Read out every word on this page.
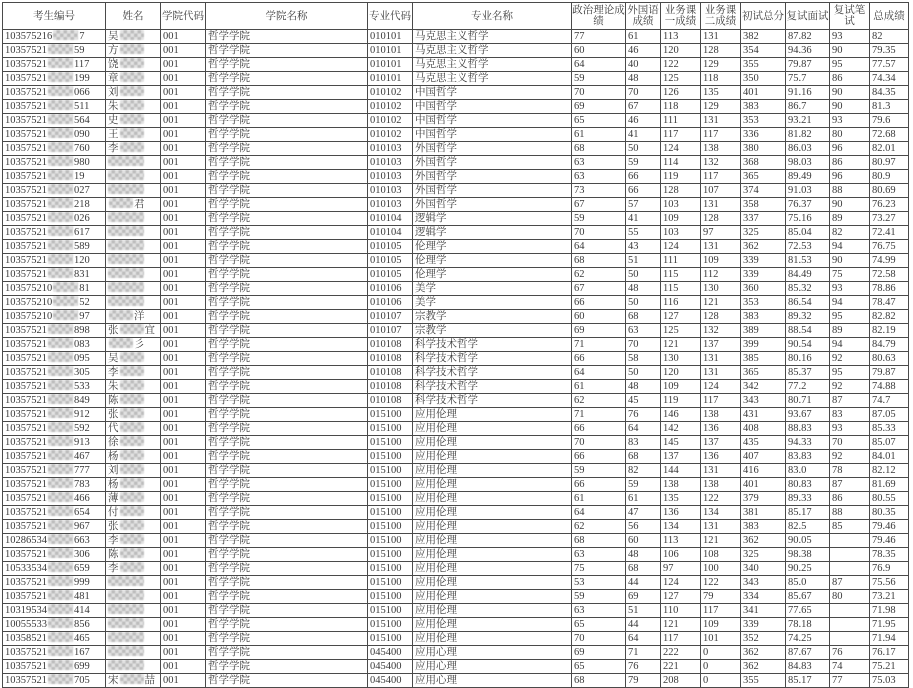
考生编号	姓名	学院代码	学院名称	专业代码	专业名称	政治理论成绩	外国语成绩	业务课一成绩	业务课二成绩	初试总分	复试面试	复试笔试	总成绩
103575216 7	吴	001	哲学学院	010101	马克思主义哲学	77	61	113	131	382	87.82	93	82
10357521 59	方	001	哲学学院	010101	马克思主义哲学	60	46	120	128	354	94.36	90	79.35
10357521 117	饶	001	哲学学院	010101	马克思主义哲学	64	40	122	129	355	79.87	95	77.57
10357521 199	章	001	哲学学院	010101	马克思主义哲学	59	48	125	118	350	75.7	86	74.34
10357521 066	刘	001	哲学学院	010102	中国哲学	70	70	126	135	401	91.16	90	84.35
10357521 511	朱	001	哲学学院	010102	中国哲学	69	67	118	129	383	86.7	90	81.3
10357521 564	史	001	哲学学院	010102	中国哲学	65	46	111	131	353	93.21	93	79.6
10357521 090	王	001	哲学学院	010102	中国哲学	61	41	117	117	336	81.82	80	72.68
10357521 760	李	001	哲学学院	010103	外国哲学	68	50	124	138	380	86.03	96	82.01
10357521 980		001	哲学学院	010103	外国哲学	63	59	114	132	368	98.03	86	80.97
10357521 19		001	哲学学院	010103	外国哲学	63	66	119	117	365	89.49	96	80.9
10357521 027		001	哲学学院	010103	外国哲学	73	66	128	107	374	91.03	88	80.69
10357521 218	君	001	哲学学院	010103	外国哲学	67	57	103	131	358	76.37	90	76.23
10357521 026		001	哲学学院	010104	逻辑学	59	41	109	128	337	75.16	89	73.27
10357521 617		001	哲学学院	010104	逻辑学	70	55	103	97	325	85.04	82	72.41
10357521 589		001	哲学学院	010105	伦理学	64	43	124	131	362	72.53	94	76.75
10357521 120		001	哲学学院	010105	伦理学	68	51	111	109	339	81.53	90	74.99
10357521 831		001	哲学学院	010105	伦理学	62	50	115	112	339	84.49	75	72.58
103575210 81		001	哲学学院	010106	美学	67	48	115	130	360	85.32	93	78.86
103575210 52		001	哲学学院	010106	美学	66	50	116	121	353	86.54	94	78.47
103575210 97	洋	001	哲学学院	010107	宗教学	60	68	127	128	383	89.32	95	82.82
10357521 898	张 宜	001	哲学学院	010107	宗教学	69	63	125	132	389	88.54	89	82.19
10357521 083	彡	001	哲学学院	010108	科学技术哲学	71	70	121	137	399	90.54	94	84.79
10357521 095	吴	001	哲学学院	010108	科学技术哲学	66	58	130	131	385	80.16	92	80.63
10357521 305	李	001	哲学学院	010108	科学技术哲学	64	50	120	131	365	85.37	95	79.87
10357521 533	朱	001	哲学学院	010108	科学技术哲学	61	48	109	124	342	77.2	92	74.88
10357521 849	陈	001	哲学学院	010108	科学技术哲学	62	45	119	117	343	80.71	87	74.7
10357521 912	张	001	哲学学院	015100	应用伦理	71	76	146	138	431	93.67	83	87.05
10357521 592	代	001	哲学学院	015100	应用伦理	66	64	142	136	408	88.83	93	85.33
10357521 913	徐	001	哲学学院	015100	应用伦理	70	83	145	137	435	94.33	70	85.07
10357521 467	杨	001	哲学学院	015100	应用伦理	66	68	137	136	407	83.83	92	84.01
10357521 777	刘	001	哲学学院	015100	应用伦理	59	82	144	131	416	83.0	78	82.12
10357521 783	杨	001	哲学学院	015100	应用伦理	66	59	138	138	401	80.83	87	81.69
10357521 466	薄	001	哲学学院	015100	应用伦理	61	61	135	122	379	89.33	86	80.55
10357521 654	付	001	哲学学院	015100	应用伦理	64	47	136	134	381	85.17	88	80.35
10357521 967	张	001	哲学学院	015100	应用伦理	62	56	134	131	383	82.5	85	79.46
10286534 663	李	001	哲学学院	015100	应用伦理	68	60	113	121	362	90.05		79.46
10357521 306	陈	001	哲学学院	015100	应用伦理	63	48	106	108	325	98.38		78.35
10533534 659	李	001	哲学学院	015100	应用伦理	75	68	97	100	340	90.25		76.9
10357521 999		001	哲学学院	015100	应用伦理	53	44	124	122	343	85.0	87	75.56
10357521 481		001	哲学学院	015100	应用伦理	59	69	127	79	334	85.67	80	73.21
10319534 414		001	哲学学院	015100	应用伦理	63	51	110	117	341	77.65		71.98
10055533 856		001	哲学学院	015100	应用伦理	65	44	121	109	339	78.18		71.95
10358521 465		001	哲学学院	015100	应用伦理	70	64	117	101	352	74.25		71.94
10357521 167		001	哲学学院	045400	应用心理	69	71	222	0	362	87.67	76	76.17
10357521 699		001	哲学学院	045400	应用心理	65	76	221	0	362	84.83	74	75.21
10357521 705	宋 喆	001	哲学学院	045400	应用心理	68	79	208	0	355	85.17	77	75.03
